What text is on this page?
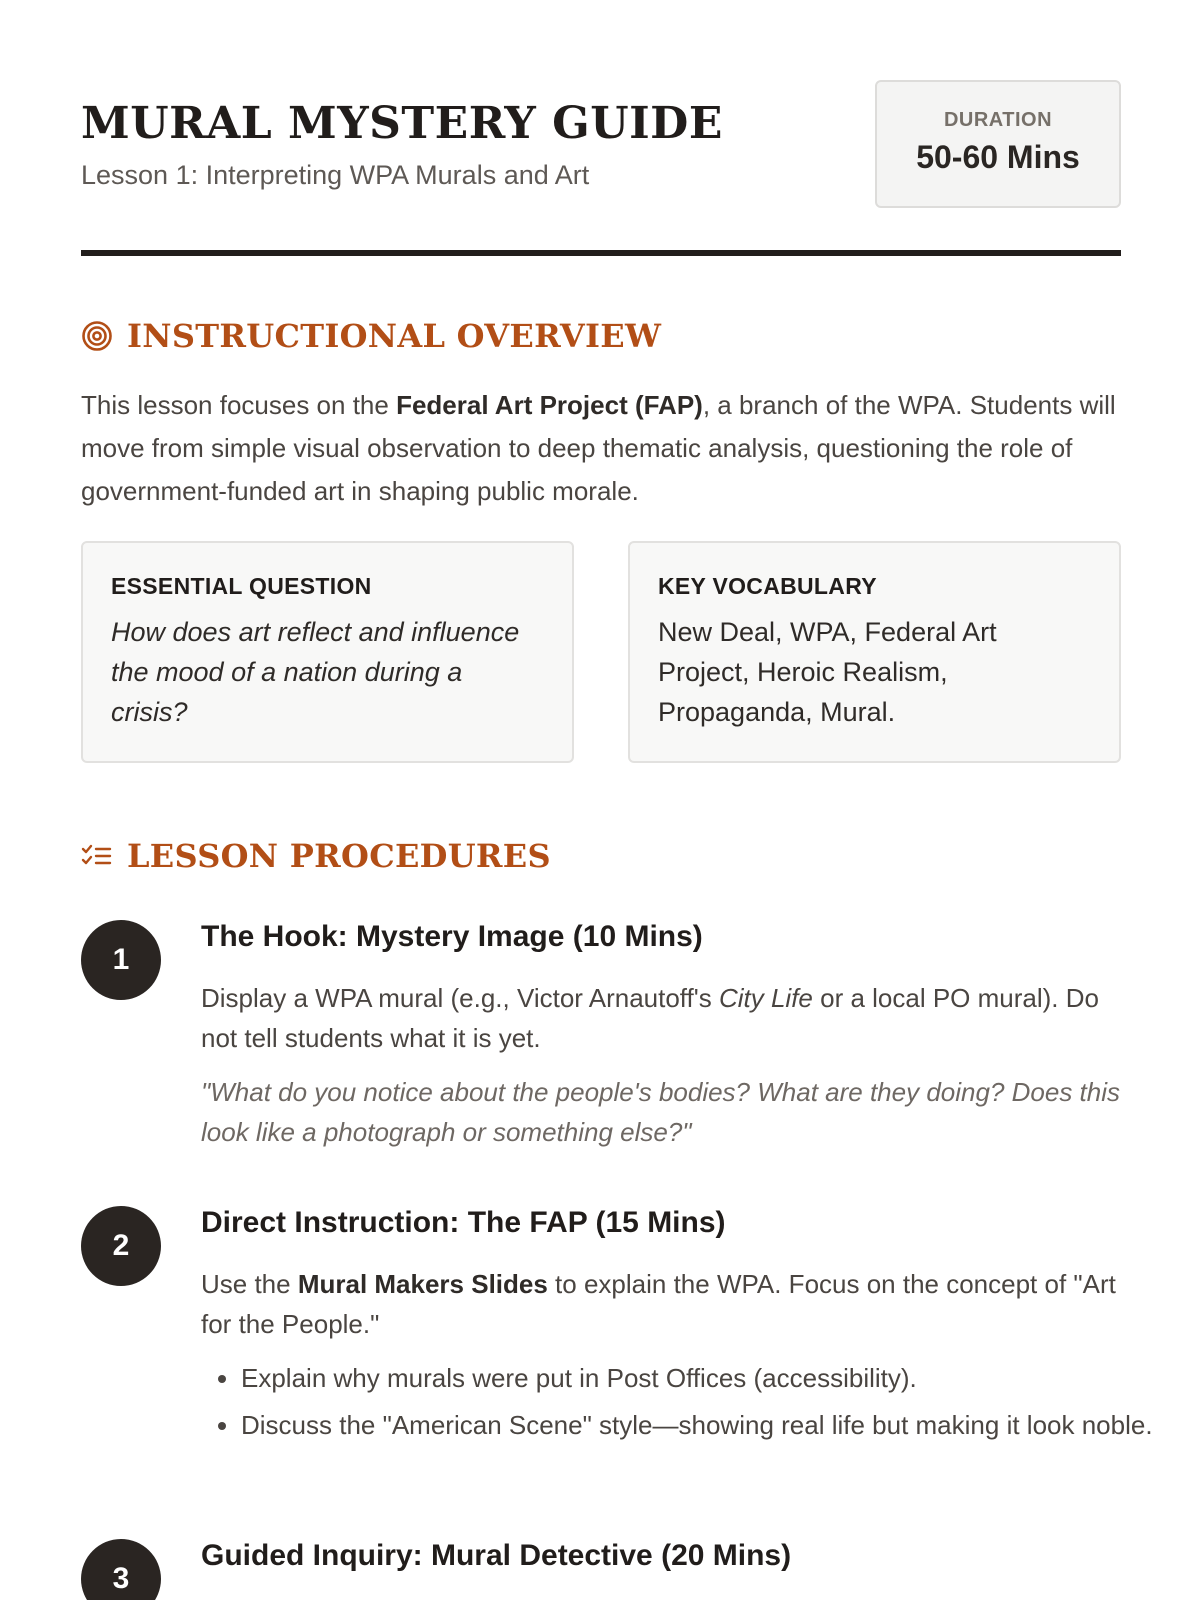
MURAL MYSTERY GUIDE
Lesson 1: Interpreting WPA Murals and Art
DURATION
50-60 Mins
INSTRUCTIONAL OVERVIEW
This lesson focuses on the Federal Art Project (FAP), a branch of the WPA. Students will move from simple visual observation to deep thematic analysis, questioning the role of government-funded art in shaping public morale.
ESSENTIAL QUESTION
How does art reflect and influence the mood of a nation during a crisis?
KEY VOCABULARY
New Deal, WPA, Federal Art Project, Heroic Realism, Propaganda, Mural.
LESSON PROCEDURES
1
The Hook: Mystery Image (10 Mins)
Display a WPA mural (e.g., Victor Arnautoff's City Life or a local PO mural). Do not tell students what it is yet.
"What do you notice about the people's bodies? What are they doing? Does this look like a photograph or something else?"
2
Direct Instruction: The FAP (15 Mins)
Use the Mural Makers Slides to explain the WPA. Focus on the concept of "Art for the People."
• Explain why murals were put in Post Offices (accessibility).
• Discuss the "American Scene" style—showing real life but making it look noble.
3
Guided Inquiry: Mural Detective (20 Mins)
